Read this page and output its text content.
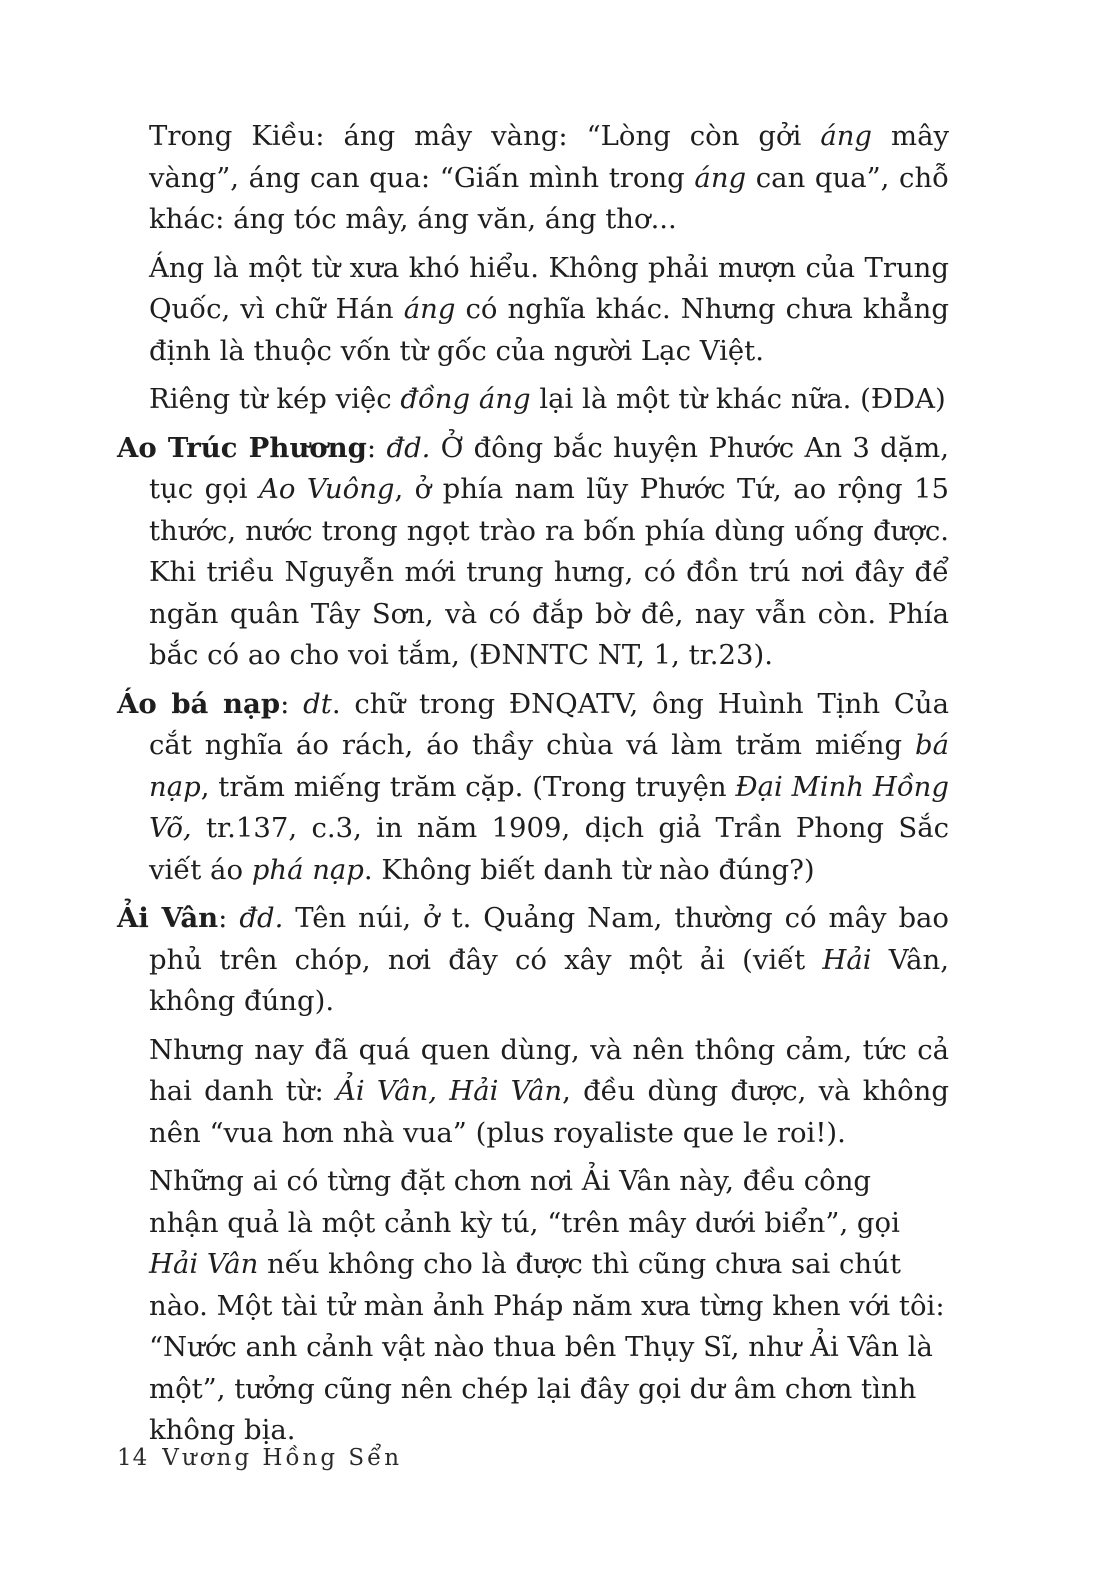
Trong Kiều: áng mây vàng: “Lòng còn gởi áng mây vàng”, áng can qua: “Giấn mình trong áng can qua”, chỗ khác: áng tóc mây, áng văn, áng thơ...

Áng là một từ xưa khó hiểu. Không phải mượn của Trung Quốc, vì chữ Hán áng có nghĩa khác. Nhưng chưa khẳng định là thuộc vốn từ gốc của người Lạc Việt.

Riêng từ kép việc đồng áng lại là một từ khác nữa. (ĐDA)

Ao Trúc Phương: đd. Ở đông bắc huyện Phước An 3 dặm, tục gọi Ao Vuông, ở phía nam lũy Phước Tứ, ao rộng 15 thước, nước trong ngọt trào ra bốn phía dùng uống được. Khi triều Nguyễn mới trung hưng, có đồn trú nơi đây để ngăn quân Tây Sơn, và có đắp bờ đê, nay vẫn còn. Phía bắc có ao cho voi tắm, (ĐNNTC NT, 1, tr.23).

Áo bá nạp: dt. chữ trong ĐNQATV, ông Huình Tịnh Của cắt nghĩa áo rách, áo thầy chùa vá làm trăm miếng bá nạp, trăm miếng trăm cặp. (Trong truyện Đại Minh Hồng Võ, tr.137, c.3, in năm 1909, dịch giả Trần Phong Sắc viết áo phá nạp. Không biết danh từ nào đúng?)

Ải Vân: đd. Tên núi, ở t. Quảng Nam, thường có mây bao phủ trên chóp, nơi đây có xây một ải (viết Hải Vân, không đúng).

Nhưng nay đã quá quen dùng, và nên thông cảm, tức cả hai danh từ: Ải Vân, Hải Vân, đều dùng được, và không nên “vua hơn nhà vua” (plus royaliste que le roi!).

Những ai có từng đặt chơn nơi Ải Vân này, đều công nhận quả là một cảnh kỳ tú, “trên mây dưới biển”, gọi Hải Vân nếu không cho là được thì cũng chưa sai chút nào. Một tài tử màn ảnh Pháp năm xưa từng khen với tôi: “Nước anh cảnh vật nào thua bên Thụy Sĩ, như Ải Vân là một”, tưởng cũng nên chép lại đây gọi dư âm chơn tình không bịa.

14 Vương Hồng Sển
